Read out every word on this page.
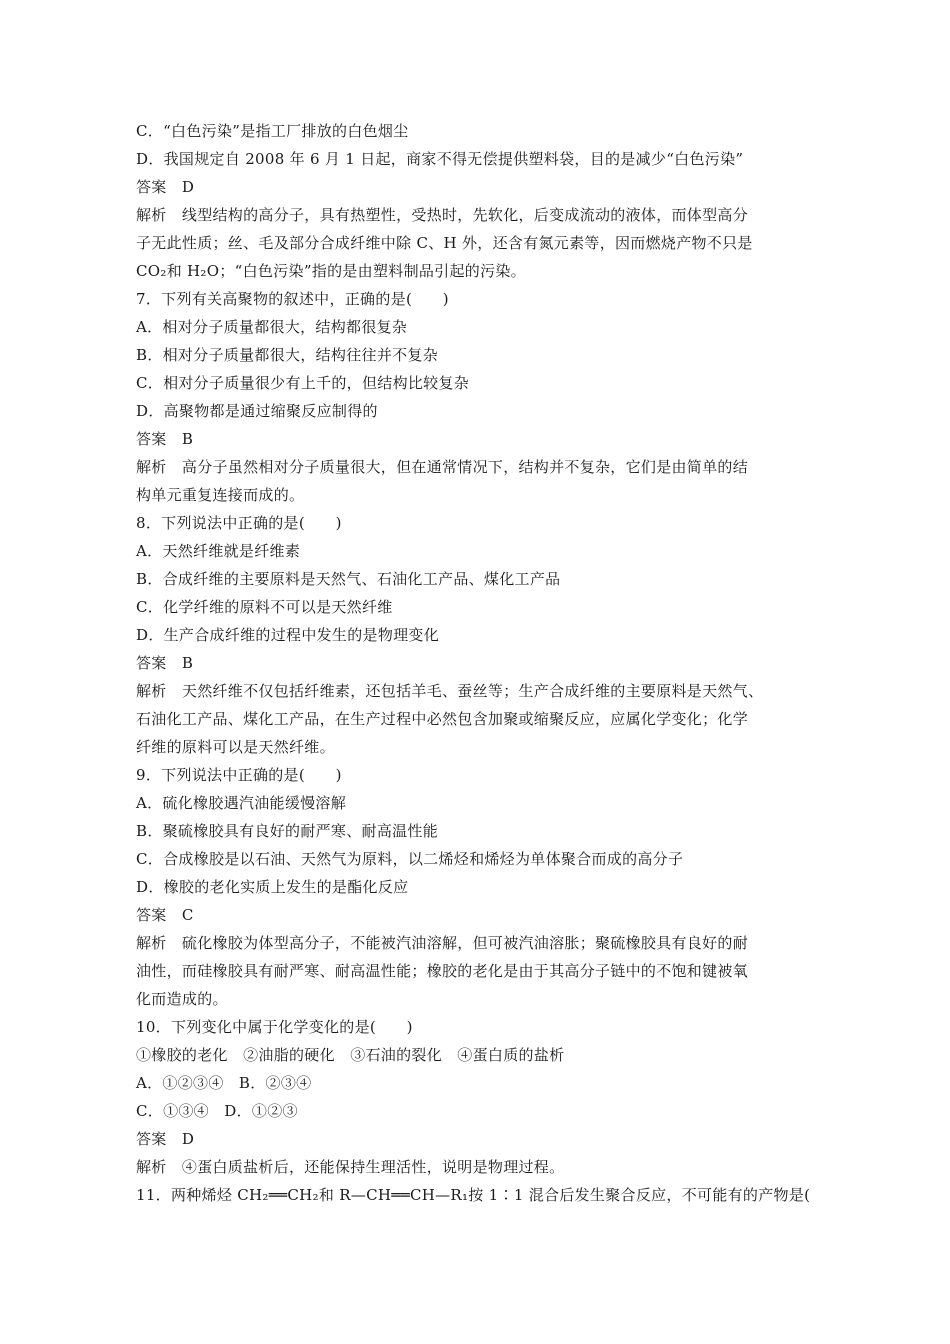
C．“白色污染”是指工厂排放的白色烟尘
D．我国规定自 2008 年 6 月 1 日起，商家不得无偿提供塑料袋，目的是减少“白色污染”
答案　D
解析　线型结构的高分子，具有热塑性，受热时，先软化，后变成流动的液体，而体型高分
子无此性质；丝、毛及部分合成纤维中除 C、H 外，还含有氮元素等，因而燃烧产物不只是
CO₂和 H₂O；“白色污染”指的是由塑料制品引起的污染。
7．下列有关高聚物的叙述中，正确的是(　　)
A．相对分子质量都很大，结构都很复杂
B．相对分子质量都很大，结构往往并不复杂
C．相对分子质量很少有上千的，但结构比较复杂
D．高聚物都是通过缩聚反应制得的
答案　B
解析　高分子虽然相对分子质量很大，但在通常情况下，结构并不复杂，它们是由简单的结
构单元重复连接而成的。
8．下列说法中正确的是(　　)
A．天然纤维就是纤维素
B．合成纤维的主要原料是天然气、石油化工产品、煤化工产品
C．化学纤维的原料不可以是天然纤维
D．生产合成纤维的过程中发生的是物理变化
答案　B
解析　天然纤维不仅包括纤维素，还包括羊毛、蚕丝等；生产合成纤维的主要原料是天然气、
石油化工产品、煤化工产品，在生产过程中必然包含加聚或缩聚反应，应属化学变化；化学
纤维的原料可以是天然纤维。
9．下列说法中正确的是(　　)
A．硫化橡胶遇汽油能缓慢溶解
B．聚硫橡胶具有良好的耐严寒、耐高温性能
C．合成橡胶是以石油、天然气为原料，以二烯烃和烯烃为单体聚合而成的高分子
D．橡胶的老化实质上发生的是酯化反应
答案　C
解析　硫化橡胶为体型高分子，不能被汽油溶解，但可被汽油溶胀；聚硫橡胶具有良好的耐
油性，而硅橡胶具有耐严寒、耐高温性能；橡胶的老化是由于其高分子链中的不饱和键被氧
化而造成的。
10．下列变化中属于化学变化的是(　　)
①橡胶的老化　②油脂的硬化　③石油的裂化　④蛋白质的盐析
A．①②③④　B．②③④
C．①③④　D．①②③
答案　D
解析　④蛋白质盐析后，还能保持生理活性，说明是物理过程。
11．两种烯烃 CH₂══CH₂和 R—CH══CH—R₁按 1∶1 混合后发生聚合反应，不可能有的产物是(
